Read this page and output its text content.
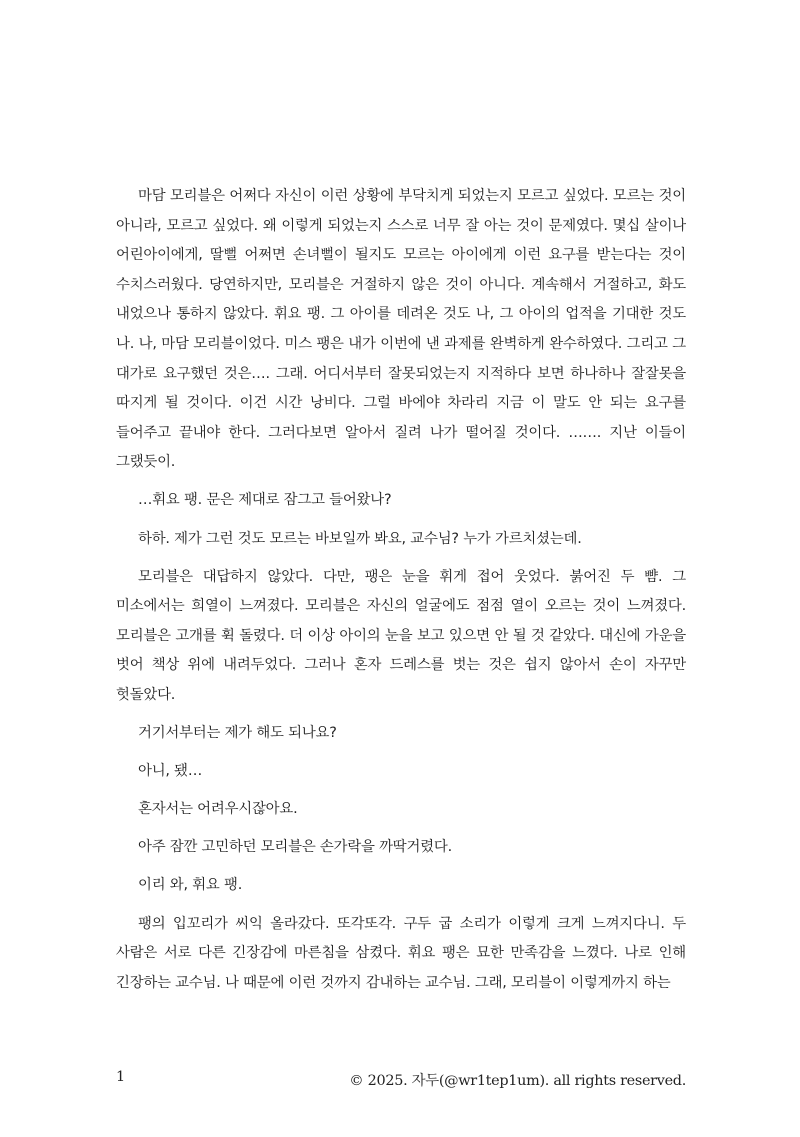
마담 모리블은 어쩌다 자신이 이런 상황에 부닥치게 되었는지 모르고 싶었다. 모르는 것이 아니라, 모르고 싶었다. 왜 이렇게 되었는지 스스로 너무 잘 아는 것이 문제였다. 몇십 살이나 어린아이에게, 딸뻘 어쩌면 손녀뻘이 될지도 모르는 아이에게 이런 요구를 받는다는 것이 수치스러웠다. 당연하지만, 모리블은 거절하지 않은 것이 아니다. 계속해서 거절하고, 화도 내었으나 통하지 않았다. 휘요 팽. 그 아이를 데려온 것도 나, 그 아이의 업적을 기대한 것도 나. 나, 마담 모리블이었다. 미스 팽은 내가 이번에 낸 과제를 완벽하게 완수하였다. 그리고 그 대가로 요구했던 것은…. 그래. 어디서부터 잘못되었는지 지적하다 보면 하나하나 잘잘못을 따지게 될 것이다. 이건 시간 낭비다. 그럴 바에야 차라리 지금 이 말도 안 되는 요구를 들어주고 끝내야 한다. 그러다보면 알아서 질려 나가 떨어질 것이다. ……. 지난 이들이 그랬듯이.

…휘요 팽. 문은 제대로 잠그고 들어왔나?

하하. 제가 그런 것도 모르는 바보일까 봐요, 교수님? 누가 가르치셨는데.

모리블은 대답하지 않았다. 다만, 팽은 눈을 휘게 접어 웃었다. 붉어진 두 뺨. 그 미소에서는 희열이 느껴졌다. 모리블은 자신의 얼굴에도 점점 열이 오르는 것이 느껴졌다. 모리블은 고개를 휙 돌렸다. 더 이상 아이의 눈을 보고 있으면 안 될 것 같았다. 대신에 가운을 벗어 책상 위에 내려두었다. 그러나 혼자 드레스를 벗는 것은 쉽지 않아서 손이 자꾸만 헛돌았다.

거기서부터는 제가 해도 되나요?

아니, 됐…

혼자서는 어려우시잖아요.

아주 잠깐 고민하던 모리블은 손가락을 까딱거렸다.

이리 와, 휘요 팽.

팽의 입꼬리가 씨익 올라갔다. 또각또각. 구두 굽 소리가 이렇게 크게 느껴지다니. 두 사람은 서로 다른 긴장감에 마른침을 삼켰다. 휘요 팽은 묘한 만족감을 느꼈다. 나로 인해 긴장하는 교수님. 나 때문에 이런 것까지 감내하는 교수님. 그래, 모리블이 이렇게까지 하는

1	© 2025. 자두(@wr1tep1um). all rights reserved.
